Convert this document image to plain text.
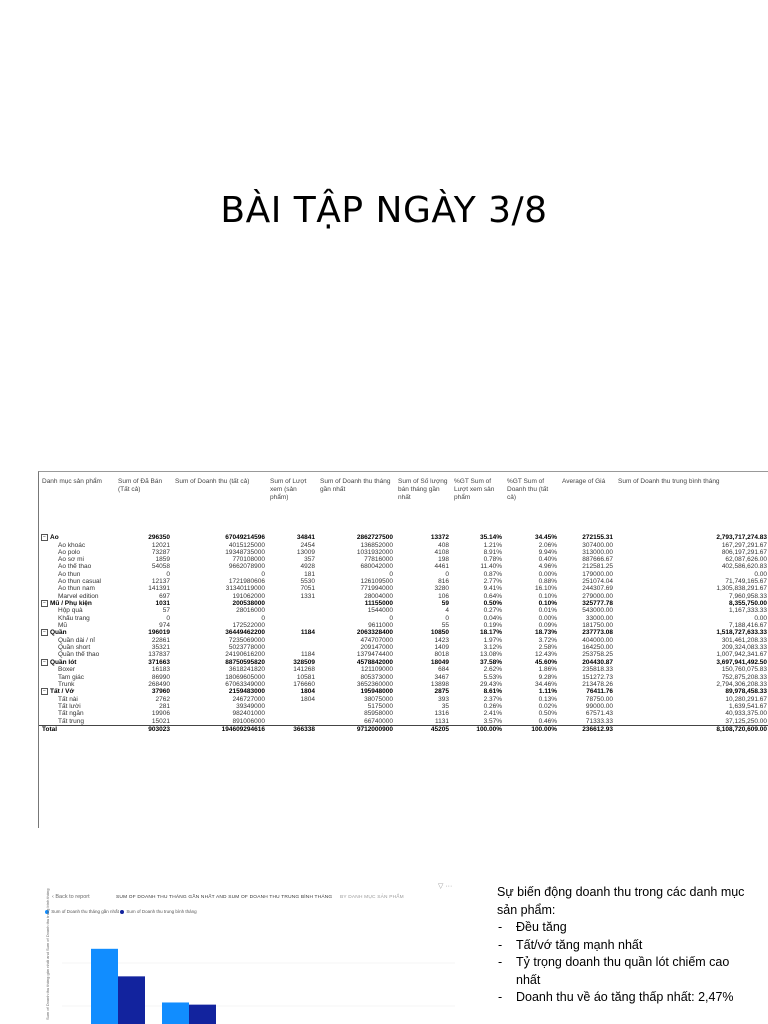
BÀI TẬP NGÀY 3/8
Danh mục sản phẩm	Sum of Đã Bán (Tất cả)	Sum of Doanh thu (tất cả)	Sum of Lượt xem (sản phẩm)	Sum of Doanh thu tháng gần nhất	Sum of Số lượng bán tháng gần nhất	%GT Sum of Lượt xem sản phẩm	%GT Sum of Doanh thu (tất cả)	Average of Giá	Sum of Doanh thu trung bình tháng

− Áo	296350	67049214596	34841	2862727500	13372	35.14%	34.45%	272155.31	2,793,717,274.83
Áo khoác	12021	4015125000	2454	136852000	408	1.21%	2.06%	307400.00	167,297,291.67
Áo polo	73287	19348735000	13009	1031932000	4108	8.91%	9.94%	313000.00	806,197,291.67
Áo sơ mi	1859	770108000	357	77816000	198	0.78%	0.40%	887666.67	62,087,626.00
Áo thể thao	54058	9662078900	4928	680042000	4461	11.40%	4.96%	212581.25	402,586,620.83
Áo thun	0	0	181	0	0	0.87%	0.00%	179000.00	0.00
Áo thun casual	12137	1721980606	5530	126109500	816	2.77%	0.88%	251074.04	71,749,165.67
Áo thun nam	141391	31340119000	7051	771994000	3280	9.41%	16.10%	244307.69	1,305,838,291.67
Marvel edition	697	191062000	1331	28004000	106	0.64%	0.10%	279000.00	7,960,958.33
− Mũ / Phụ kiện	1031	200538000		11155000	59	0.50%	0.10%	325777.78	8,355,750.00
Hộp quà	57	28016000		1544000	4	0.27%	0.01%	543000.00	1,167,333.33
Khẩu trang	0	0		0	0	0.04%	0.00%	33000.00	0.00
Mũ	974	172522000		9611000	55	0.19%	0.09%	181750.00	7,188,416.67
− Quần	196019	36449462200	1184	2063328400	10850	18.17%	18.73%	237773.08	1,518,727,633.33
Quần dài / nỉ	22861	7235069000		474707000	1423	1.97%	3.72%	404000.00	301,461,208.33
Quần short	35321	5023778000		209147000	1409	3.12%	2.58%	164250.00	209,324,083.33
Quần thể thao	137837	24190616200	1184	1379474400	8018	13.08%	12.43%	253758.25	1,007,942,341.67
− Quần lót	371663	88750595820	328509	4578842000	18049	37.58%	45.60%	204430.87	3,697,941,492.50
Boxer	16183	3618241820	141268	121109000	684	2.62%	1.86%	235818.33	150,760,075.83
Tam giác	86990	18069605000	10581	805373000	3467	5.53%	9.28%	151272.73	752,875,208.33
Trunk	268490	67063349000	176660	3652360000	13898	29.43%	34.46%	213478.26	2,794,306,208.33
− Tất / Vớ	37960	2159483000	1804	195948000	2875	8.61%	1.11%	76411.76	89,978,458.33
Tất nài	2762	246727000	1804	38075000	393	2.37%	0.13%	78750.00	10,280,291.67
Tất lười	281	39349000		5175000	35	0.26%	0.02%	99000.00	1,639,541.67
Tất ngắn	19906	982401000		85958000	1316	2.41%	0.50%	67571.43	40,933,375.00
Tất trung	15021	891006000		66740000	1131	3.57%	0.46%	71333.33	37,125,250.00
Total	903023	194609294616	366338	9712000900	45205	100.00%	100.00%	236612.93	8,108,720,609.00
‹ Back to report	SUM OF DOANH THU THÁNG GẦN NHẤT AND SUM OF DOANH THU TRUNG BÌNH THÁNG BY DANH MỤC SẢN PHẨM
▽ ···
Sum of Doanh thu tháng gần nhất Sum of Doanh thu trung bình tháng
Sum of Doanh thu tháng gần nhất and Sum of Doanh thu trung bình tháng	Sự biến động doanh thu trong các danh mục sản phẩm:
- Đều tăng
- Tất/vớ tăng mạnh nhất
- Tỷ trọng doanh thu quần lót chiếm cao nhất
- Doanh thu về áo tăng thấp nhất: 2,47%
